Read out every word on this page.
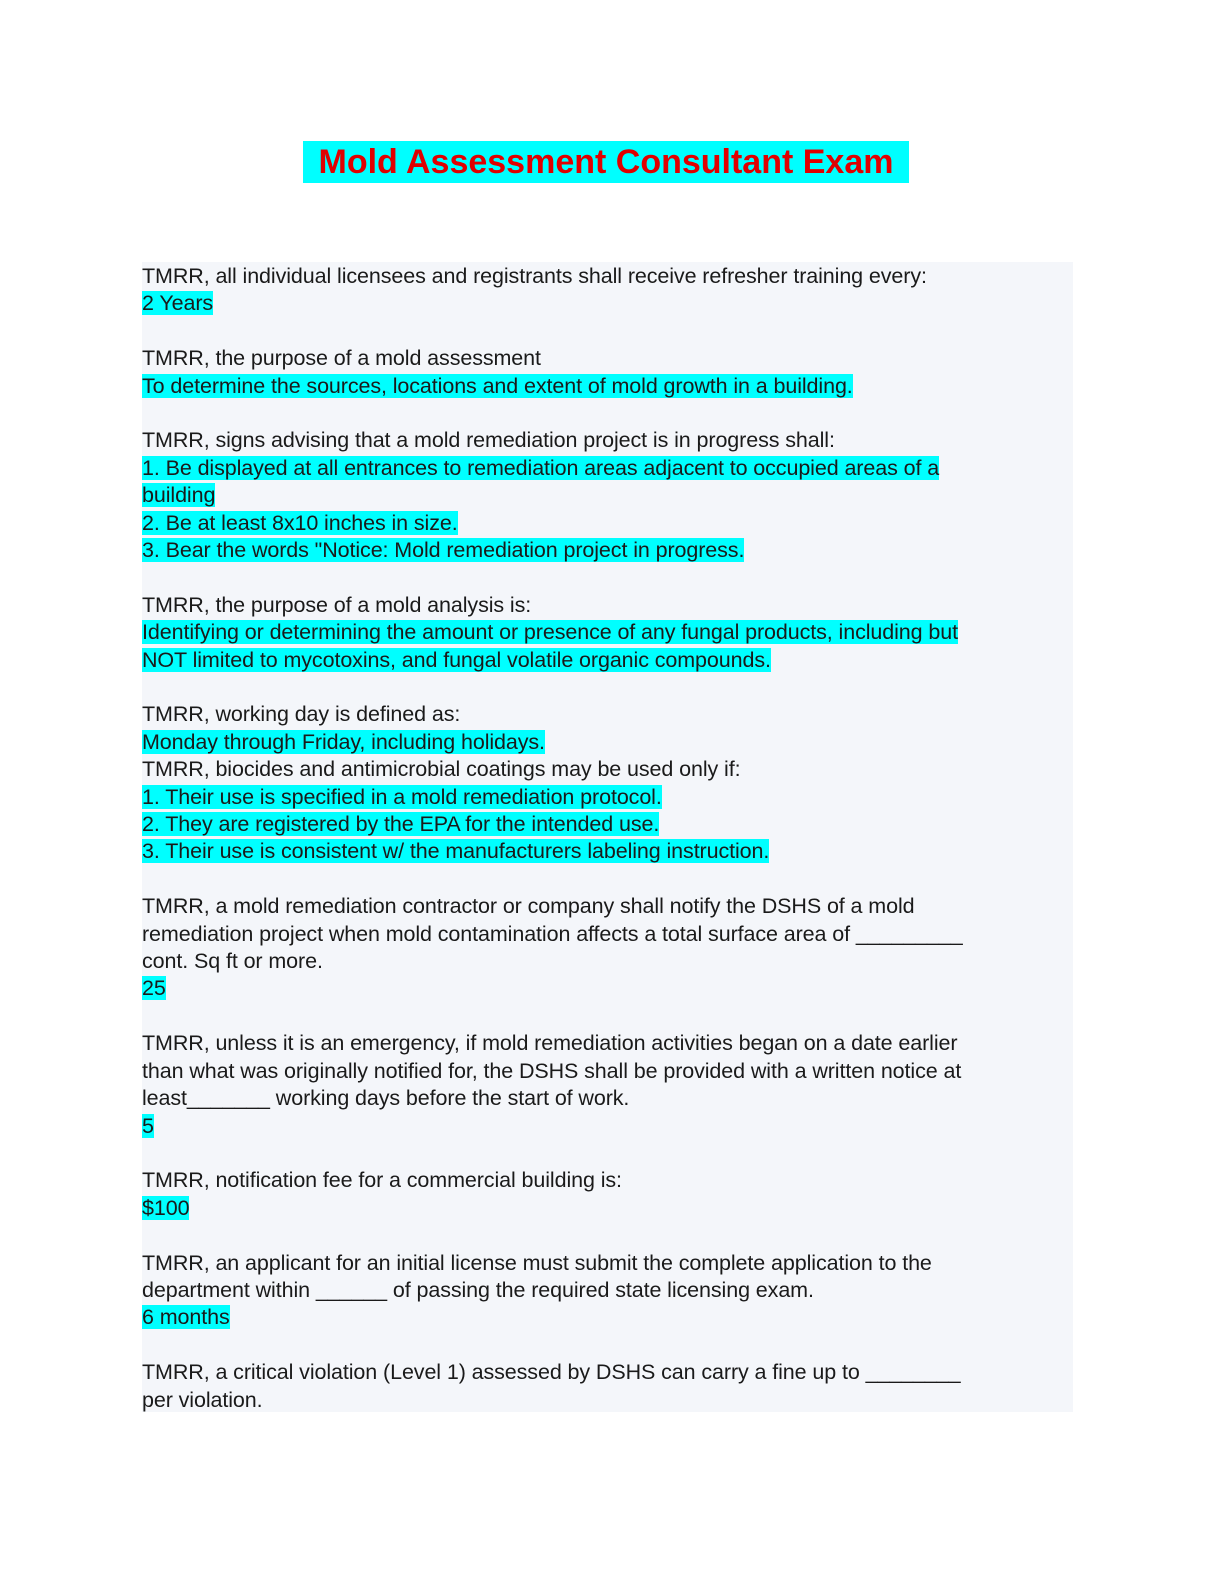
Mold Assessment Consultant Exam

TMRR, all individual licensees and registrants shall receive refresher training every:

2 Years

TMRR, the purpose of a mold assessment

To determine the sources, locations and extent of mold growth in a building.

TMRR, signs advising that a mold remediation project is in progress shall:

1. Be displayed at all entrances to remediation areas adjacent to occupied areas of a

building

2. Be at least 8x10 inches in size.

3. Bear the words "Notice: Mold remediation project in progress.

TMRR, the purpose of a mold analysis is:

Identifying or determining the amount or presence of any fungal products, including but

NOT limited to mycotoxins, and fungal volatile organic compounds.

TMRR, working day is defined as:

Monday through Friday, including holidays.

TMRR, biocides and antimicrobial coatings may be used only if:

1. Their use is specified in a mold remediation protocol.

2. They are registered by the EPA for the intended use.

3. Their use is consistent w/ the manufacturers labeling instruction.

TMRR, a mold remediation contractor or company shall notify the DSHS of a mold

remediation project when mold contamination affects a total surface area of _________

cont. Sq ft or more.

25

TMRR, unless it is an emergency, if mold remediation activities began on a date earlier

than what was originally notified for, the DSHS shall be provided with a written notice at

least_______ working days before the start of work.

5

TMRR, notification fee for a commercial building is:

$100

TMRR, an applicant for an initial license must submit the complete application to the

department within ______ of passing the required state licensing exam.

6 months

TMRR, a critical violation (Level 1) assessed by DSHS can carry a fine up to ________

per violation.
